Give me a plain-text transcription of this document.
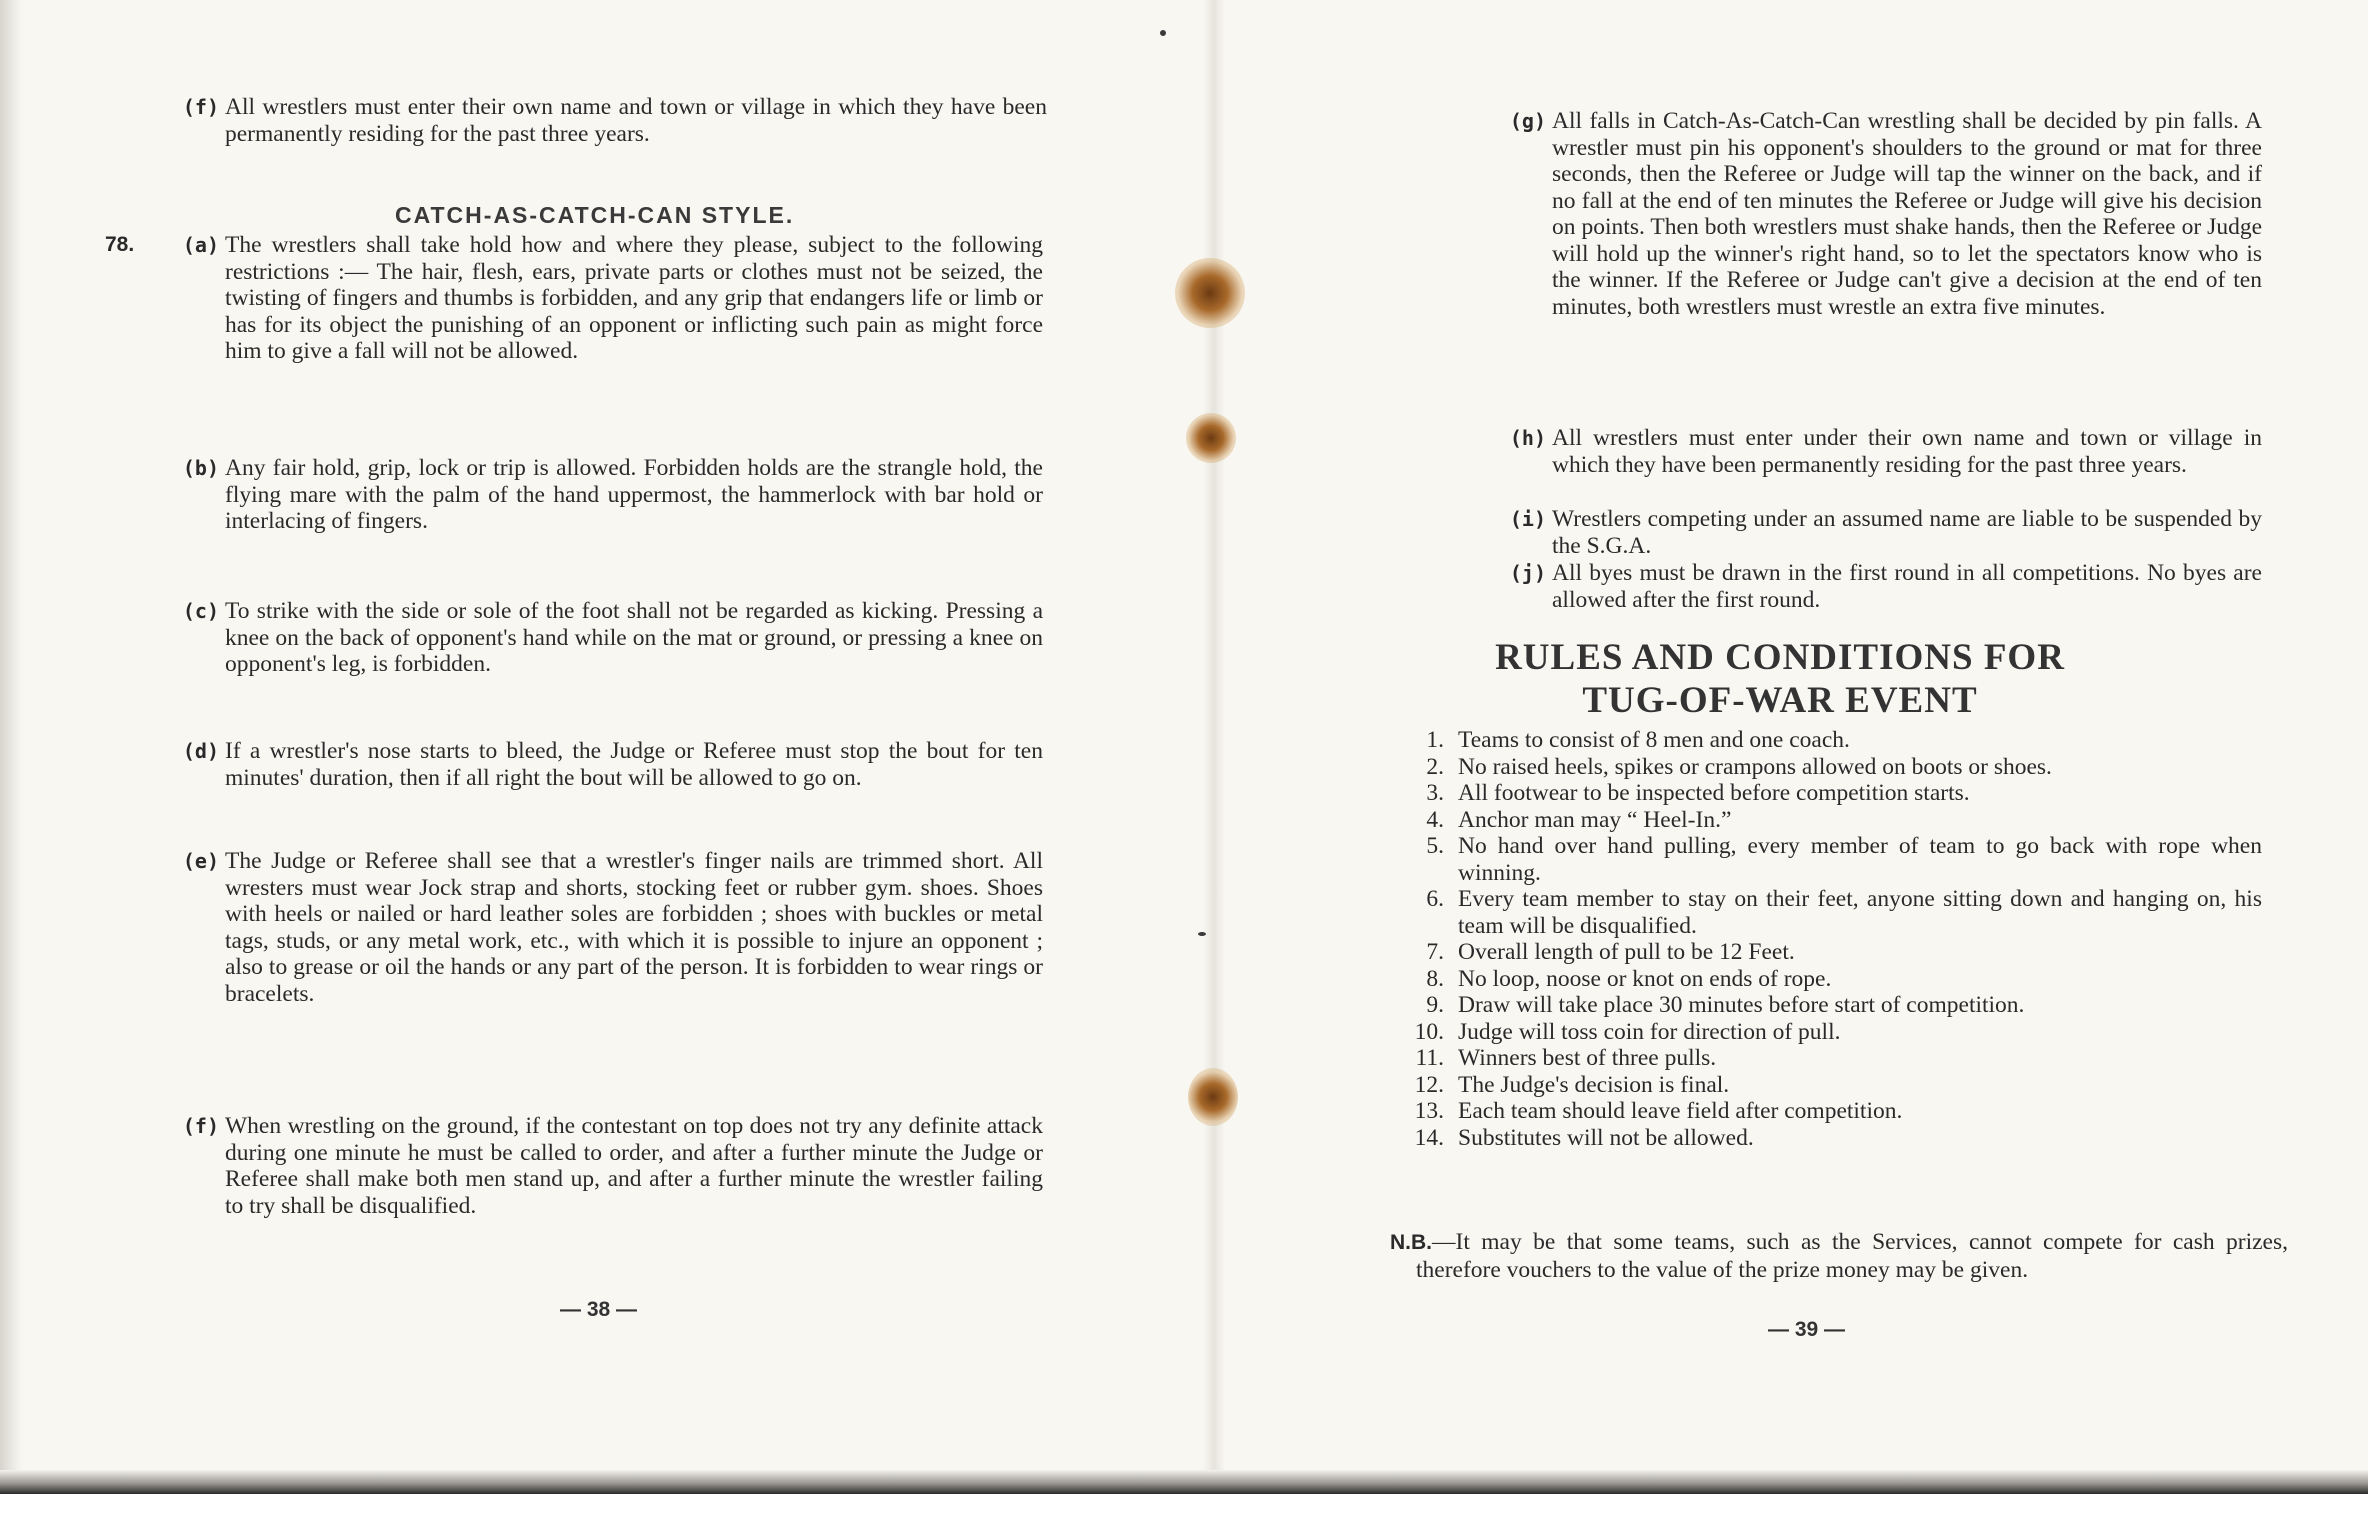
(f) All wrestlers must enter their own name and town or village in which they have been permanently residing for the past three years.
CATCH-AS-CATCH-CAN STYLE.
78.	(a) The wrestlers shall take hold how and where they please, subject to the following restrictions :— The hair, flesh, ears, private parts or clothes must not be seized, the twisting of fingers and thumbs is forbidden, and any grip that endangers life or limb or has for its object the punishing of an opponent or inflicting such pain as might force him to give a fall will not be allowed.
(b) Any fair hold, grip, lock or trip is allowed. Forbidden holds are the strangle hold, the flying mare with the palm of the hand uppermost, the hammerlock with bar hold or interlacing of fingers.
(c) To strike with the side or sole of the foot shall not be regarded as kicking. Pressing a knee on the back of opponent's hand while on the mat or ground, or pressing a knee on opponent's leg, is forbidden.
(d) If a wrestler's nose starts to bleed, the Judge or Referee must stop the bout for ten minutes' duration, then if all right the bout will be allowed to go on.
(e) The Judge or Referee shall see that a wrestler's finger nails are trimmed short. All wresters must wear Jock strap and shorts, stocking feet or rubber gym. shoes. Shoes with heels or nailed or hard leather soles are forbidden ; shoes with buckles or metal tags, studs, or any metal work, etc., with which it is possible to injure an opponent ; also to grease or oil the hands or any part of the person. It is forbidden to wear rings or bracelets.
(f) When wrestling on the ground, if the contestant on top does not try any definite attack during one minute he must be called to order, and after a further minute the Judge or Referee shall make both men stand up, and after a further minute the wrestler failing to try shall be disqualified.
— 38 —
(g) All falls in Catch-As-Catch-Can wrestling shall be decided by pin falls. A wrestler must pin his opponent's shoulders to the ground or mat for three seconds, then the Referee or Judge will tap the winner on the back, and if no fall at the end of ten minutes the Referee or Judge will give his decision on points. Then both wrestlers must shake hands, then the Referee or Judge will hold up the winner's right hand, so to let the spectators know who is the winner. If the Referee or Judge can't give a decision at the end of ten minutes, both wrestlers must wrestle an extra five minutes.
(h) All wrestlers must enter under their own name and town or village in which they have been permanently residing for the past three years.
(i) Wrestlers competing under an assumed name are liable to be suspended by the S.G.A.
(j) All byes must be drawn in the first round in all competitions. No byes are allowed after the first round.
RULES AND CONDITIONS FOR
TUG-OF-WAR EVENT
1. Teams to consist of 8 men and one coach.
2. No raised heels, spikes or crampons allowed on boots or shoes.
3. All footwear to be inspected before competition starts.
4. Anchor man may “ Heel-In.”
5. No hand over hand pulling, every member of team to go back with rope when winning.
6. Every team member to stay on their feet, anyone sitting down and hanging on, his team will be disqualified.
7. Overall length of pull to be 12 Feet.
8. No loop, noose or knot on ends of rope.
9. Draw will take place 30 minutes before start of competition.
10. Judge will toss coin for direction of pull.
11. Winners best of three pulls.
12. The Judge's decision is final.
13. Each team should leave field after competition.
14. Substitutes will not be allowed.
N.B.—It may be that some teams, such as the Services, cannot compete for cash prizes, therefore vouchers to the value of the prize money may be given.
— 39 —
